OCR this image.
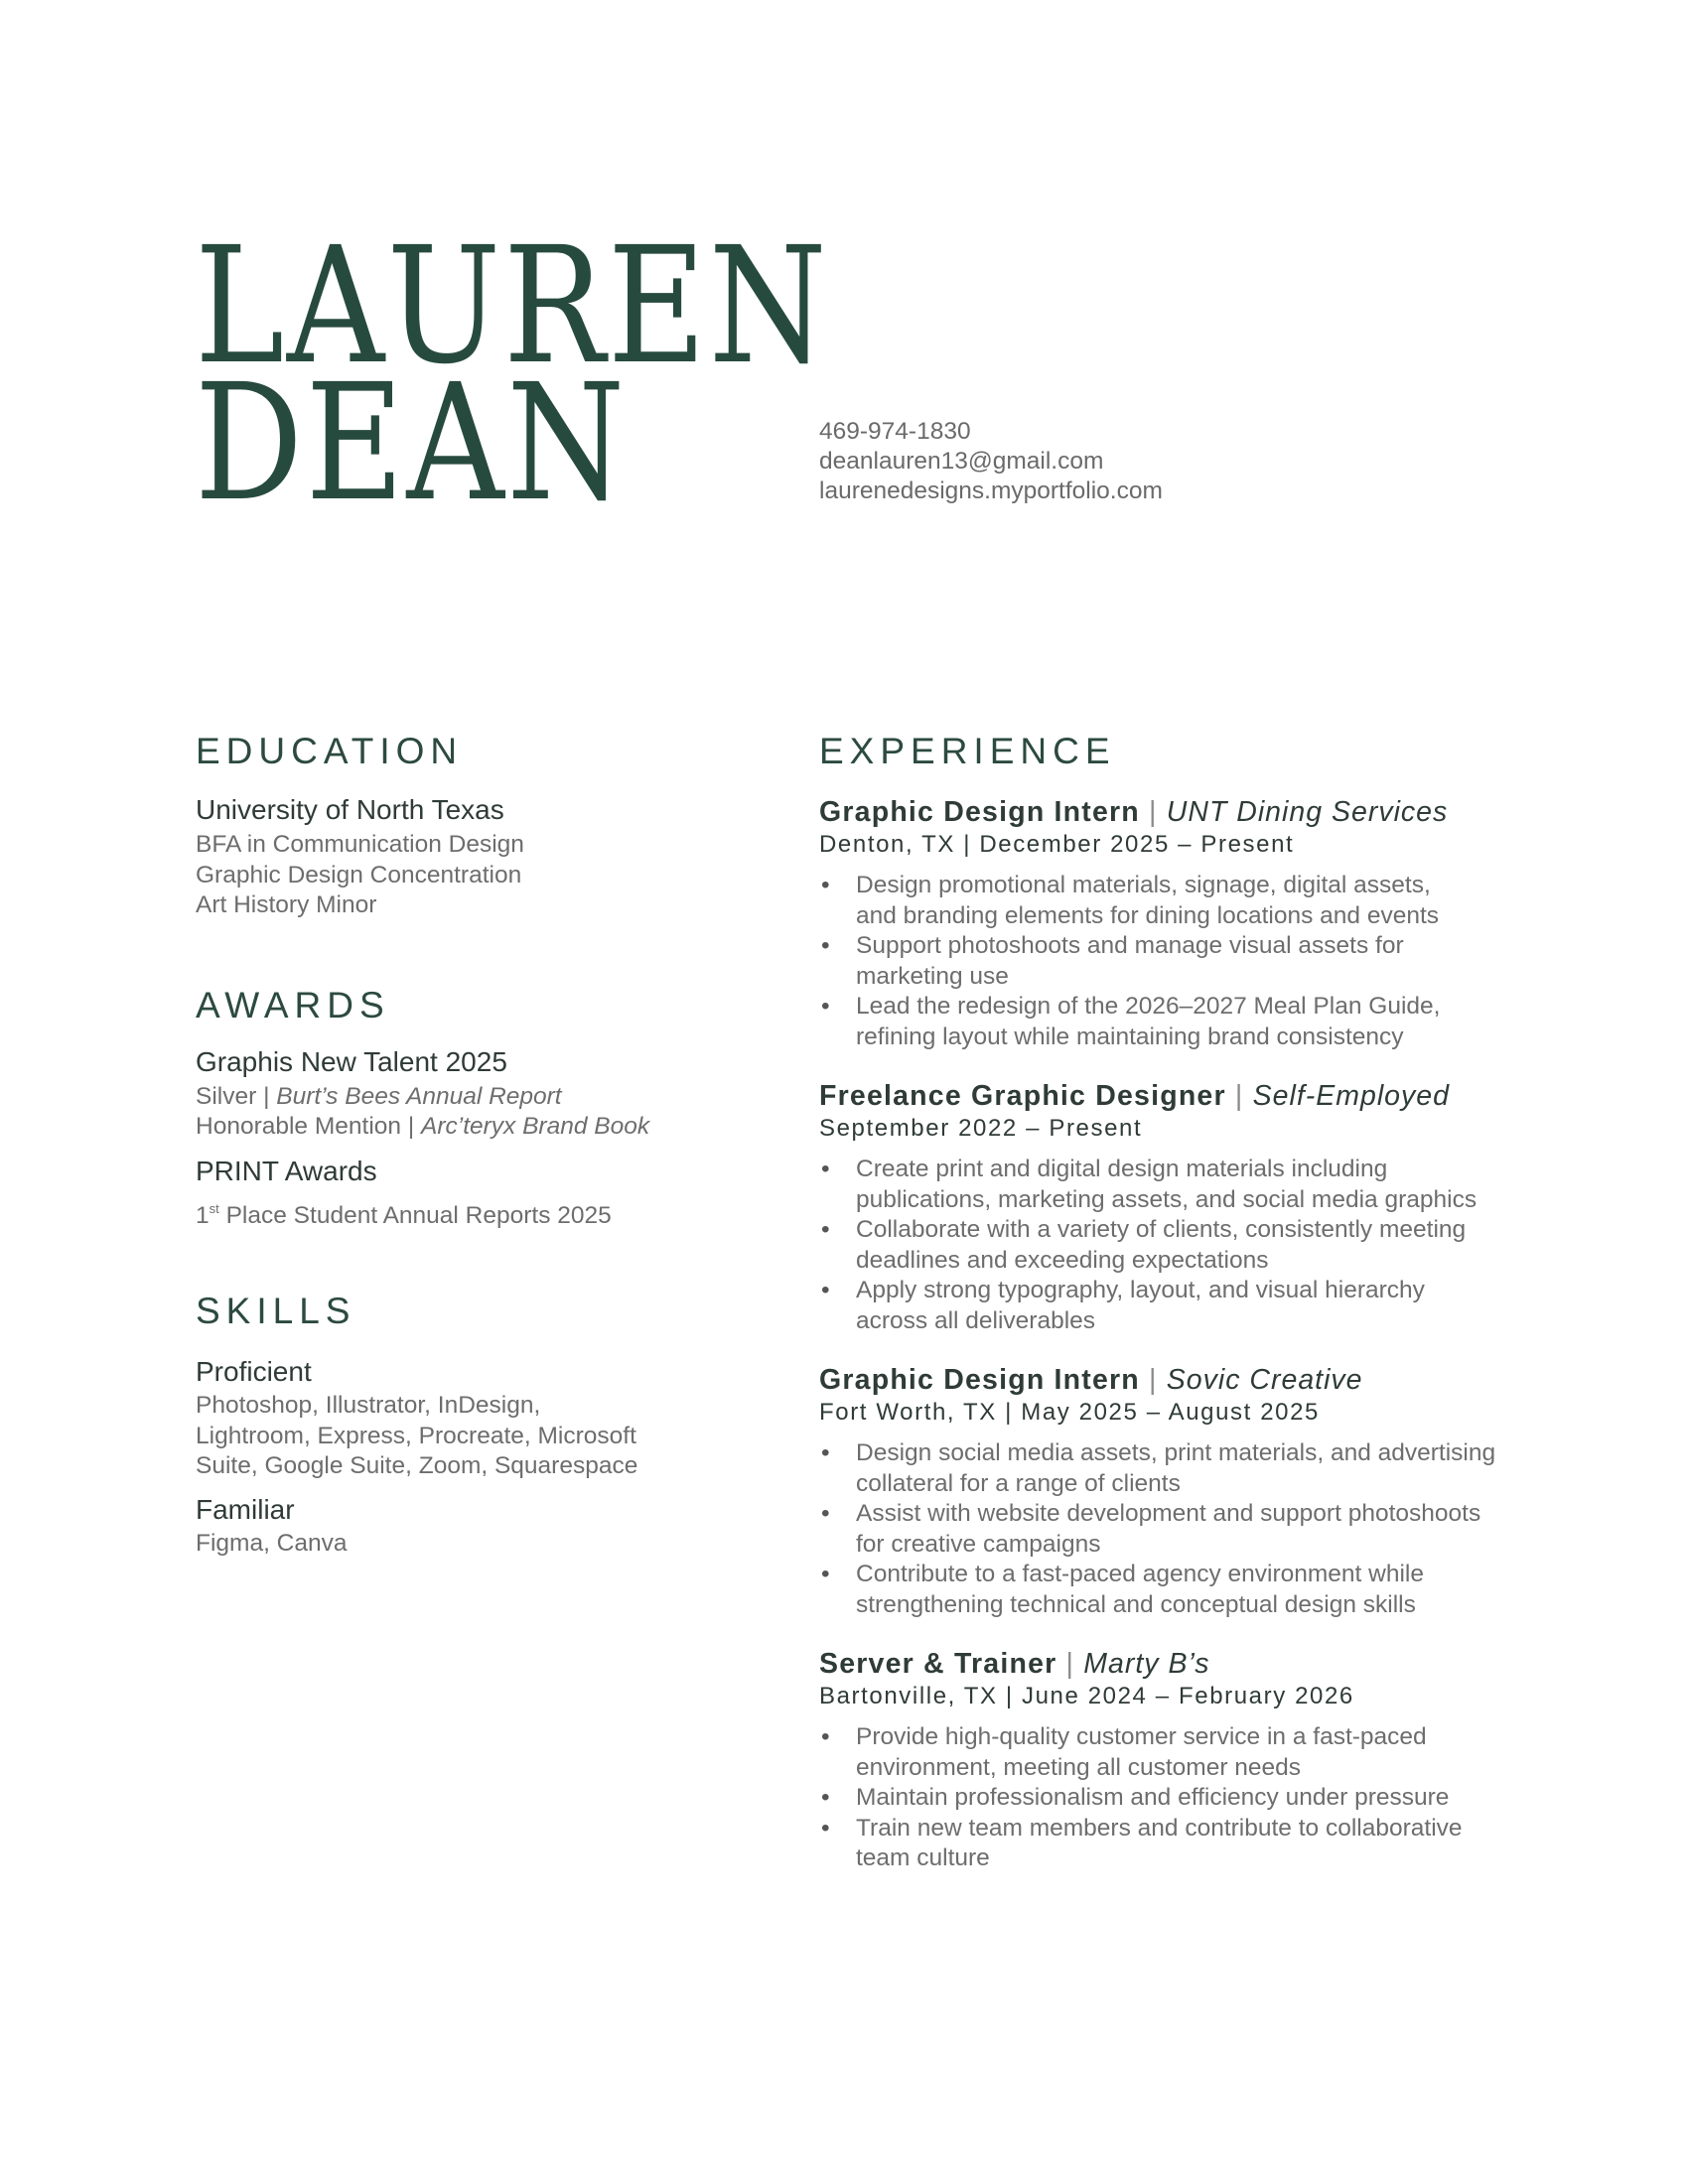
LAUREN
DEAN	469-974-1830
deanlauren13@gmail.com
laurenedesigns.myportfolio.com
EDUCATION
University of North Texas
BFA in Communication Design
Graphic Design Concentration
Art History Minor
AWARDS
Graphis New Talent 2025
Silver | Burt’s Bees Annual Report
Honorable Mention | Arc’teryx Brand Book
PRINT Awards
1st Place Student Annual Reports 2025
SKILLS
Proficient
Photoshop, Illustrator, InDesign,
Lightroom, Express, Procreate, Microsoft
Suite, Google Suite, Zoom, Squarespace
Familiar
Figma, Canva
EXPERIENCE
Graphic Design Intern | UNT Dining Services
Denton, TX | December 2025 – Present
• Design promotional materials, signage, digital assets,
and branding elements for dining locations and events
• Support photoshoots and manage visual assets for
marketing use
• Lead the redesign of the 2026–2027 Meal Plan Guide,
refining layout while maintaining brand consistency
Freelance Graphic Designer | Self-Employed
September 2022 – Present
• Create print and digital design materials including
publications, marketing assets, and social media graphics
• Collaborate with a variety of clients, consistently meeting
deadlines and exceeding expectations
• Apply strong typography, layout, and visual hierarchy
across all deliverables
Graphic Design Intern | Sovic Creative
Fort Worth, TX | May 2025 – August 2025
• Design social media assets, print materials, and advertising
collateral for a range of clients
• Assist with website development and support photoshoots
for creative campaigns
• Contribute to a fast-paced agency environment while
strengthening technical and conceptual design skills
Server & Trainer | Marty B’s
Bartonville, TX | June 2024 – February 2026
• Provide high-quality customer service in a fast-paced
environment, meeting all customer needs
• Maintain professionalism and efficiency under pressure
• Train new team members and contribute to collaborative
team culture
